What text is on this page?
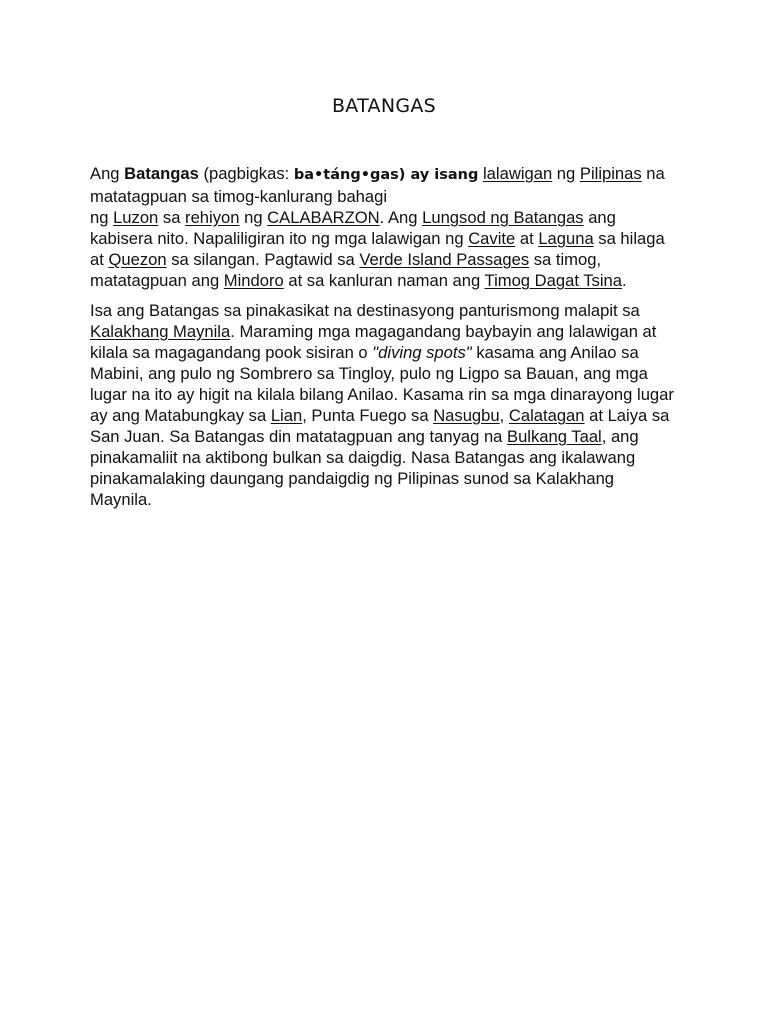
BATANGAS

Ang Batangas (pagbigkas: ba•táng•gas) ay isang lalawigan ng Pilipinas na matatagpuan sa timog-kanlurang bahagi
ng Luzon sa rehiyon ng CALABARZON. Ang Lungsod ng Batangas ang kabisera nito. Napaliligiran ito ng mga lalawigan ng Cavite at Laguna sa hilaga at Quezon sa silangan. Pagtawid sa Verde Island Passages sa timog, matatagpuan ang Mindoro at sa kanluran naman ang Timog Dagat Tsina.

Isa ang Batangas sa pinakasikat na destinasyong panturismong malapit sa Kalakhang Maynila. Maraming mga magagandang baybayin ang lalawigan at kilala sa magagandang pook sisiran o "diving spots" kasama ang Anilao sa Mabini, ang pulo ng Sombrero sa Tingloy, pulo ng Ligpo sa Bauan, ang mga lugar na ito ay higit na kilala bilang Anilao. Kasama rin sa mga dinarayong lugar ay ang Matabungkay sa Lian, Punta Fuego sa Nasugbu, Calatagan at Laiya sa San Juan. Sa Batangas din matatagpuan ang tanyag na Bulkang Taal, ang pinakamaliit na aktibong bulkan sa daigdig. Nasa Batangas ang ikalawang pinakamalaking daungang pandaigdig ng Pilipinas sunod sa Kalakhang Maynila.
